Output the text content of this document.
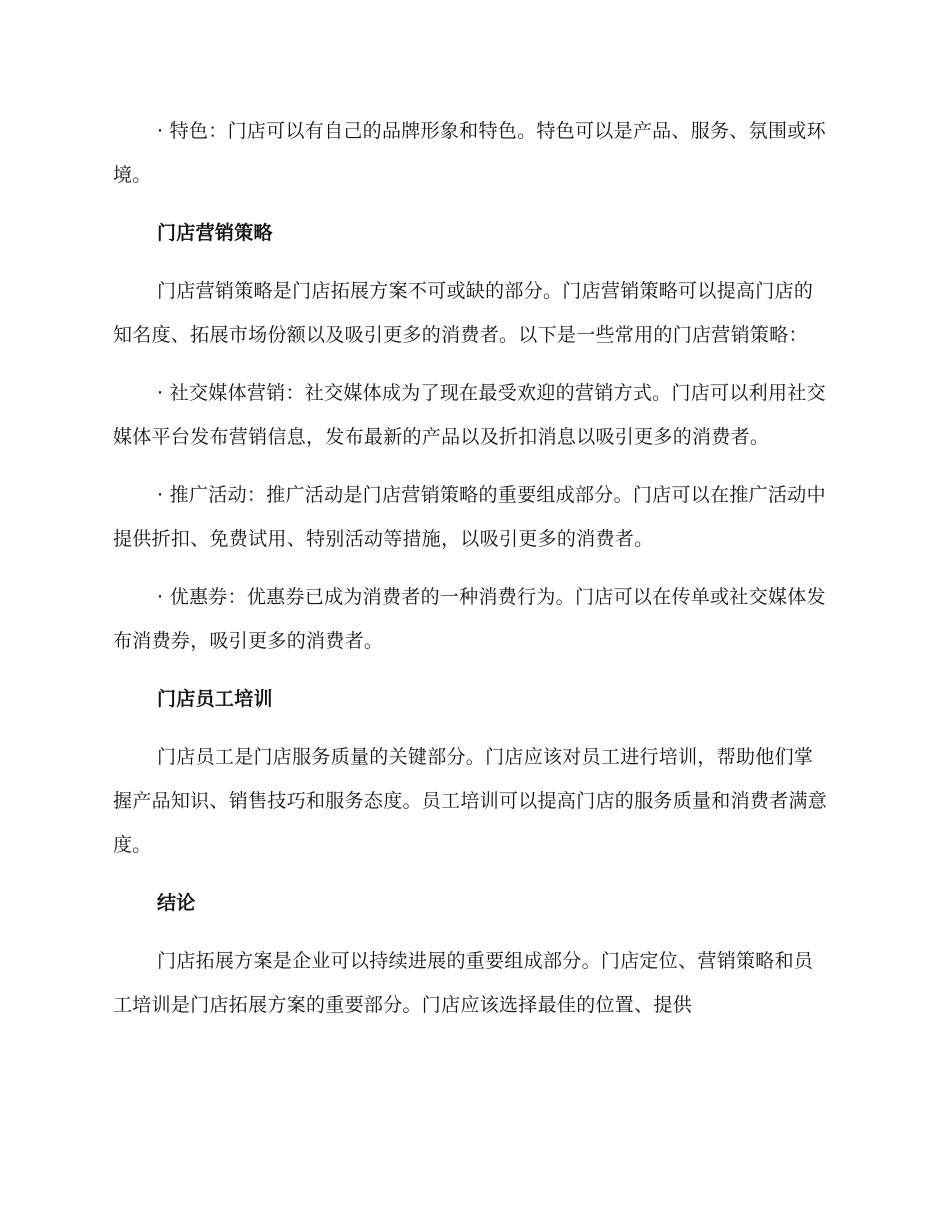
· 特色：门店可以有自己的品牌形象和特色。特色可以是产品、服务、氛围或环境。

门店营销策略

门店营销策略是门店拓展方案不可或缺的部分。门店营销策略可以提高门店的知名度、拓展市场份额以及吸引更多的消费者。以下是一些常用的门店营销策略：

· 社交媒体营销：社交媒体成为了现在最受欢迎的营销方式。门店可以利用社交媒体平台发布营销信息，发布最新的产品以及折扣消息以吸引更多的消费者。

· 推广活动：推广活动是门店营销策略的重要组成部分。门店可以在推广活动中提供折扣、免费试用、特别活动等措施，以吸引更多的消费者。

· 优惠券：优惠券已成为消费者的一种消费行为。门店可以在传单或社交媒体发布消费券，吸引更多的消费者。

门店员工培训

门店员工是门店服务质量的关键部分。门店应该对员工进行培训，帮助他们掌握产品知识、销售技巧和服务态度。员工培训可以提高门店的服务质量和消费者满意度。

结论

门店拓展方案是企业可以持续进展的重要组成部分。门店定位、营销策略和员工培训是门店拓展方案的重要部分。门店应该选择最佳的位置、提供
